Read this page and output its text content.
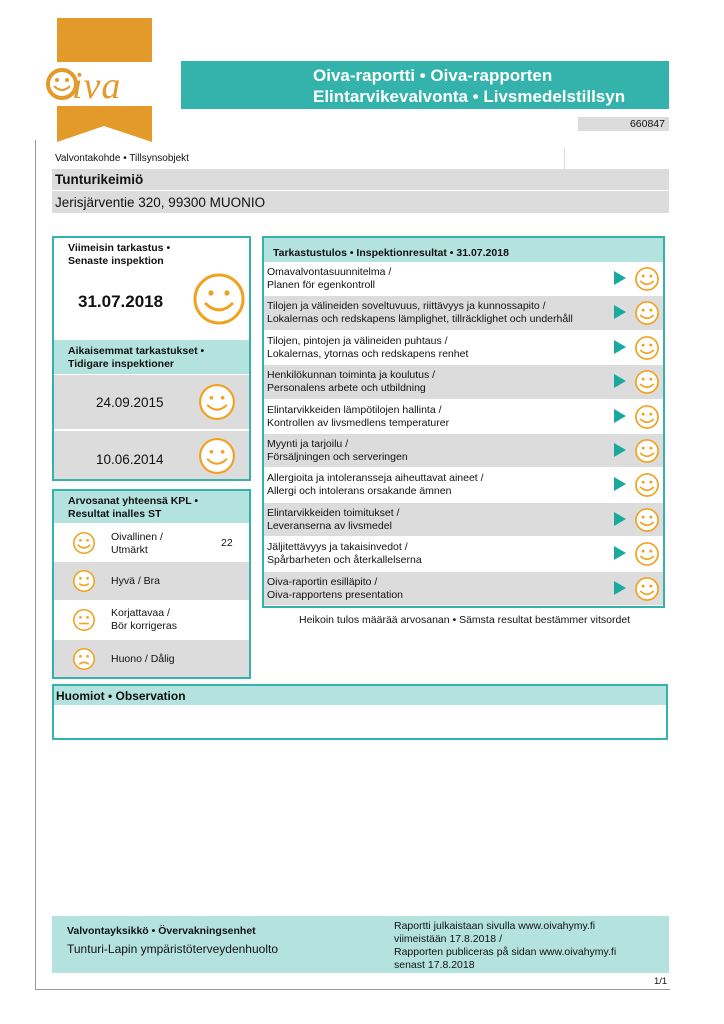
iva	Oiva-raportti • Oiva-rapporten
Elintarvikevalvonta • Livsmedelstillsyn
660847
Valvontakohde • Tillsynsobjekt
Tunturikeimiö
Jerisjärventie 320, 99300 MUONIO
Viimeisin tarkastus •
Senaste inspektion
31.07.2018
Aikaisemmat tarkastukset •
Tidigare inspektioner
24.09.2015
10.06.2014
Arvosanat yhteensä KPL •
Resultat inalles ST
Oivallinen /
Utmärkt
22
Hyvä / Bra
Korjattavaa /
Bör korrigeras
Huono / Dålig
Tarkastustulos • Inspektionresultat • 31.07.2018
Omavalvontasuunnitelma /
Planen för egenkontroll
Tilojen ja välineiden soveltuvuus, riittävyys ja kunnossapito /
Lokalernas och redskapens lämplighet, tillräcklighet och underhåll
Tilojen, pintojen ja välineiden puhtaus /
Lokalernas, ytornas och redskapens renhet
Henkilökunnan toiminta ja koulutus /
Personalens arbete och utbildning
Elintarvikkeiden lämpötilojen hallinta /
Kontrollen av livsmedlens temperaturer
Myynti ja tarjoilu /
Försäljningen och serveringen
Allergioita ja intoleransseja aiheuttavat aineet /
Allergi och intolerans orsakande ämnen
Elintarvikkeiden toimitukset /
Leveranserna av livsmedel
Jäljitettävyys ja takaisinvedot /
Spårbarheten och återkallelserna
Oiva-raportin esilläpito /
Oiva-rapportens presentation
Heikoin tulos määrää arvosanan • Sämsta resultat bestämmer vitsordet
Huomiot • Observation
Valvontayksikkö • Övervakningsenhet
Tunturi-Lapin ympäristöterveydenhuolto
Raportti julkaistaan sivulla www.oivahymy.fi
viimeistään 17.8.2018 /
Rapporten publiceras på sidan www.oivahymy.fi
senast 17.8.2018
1/1
